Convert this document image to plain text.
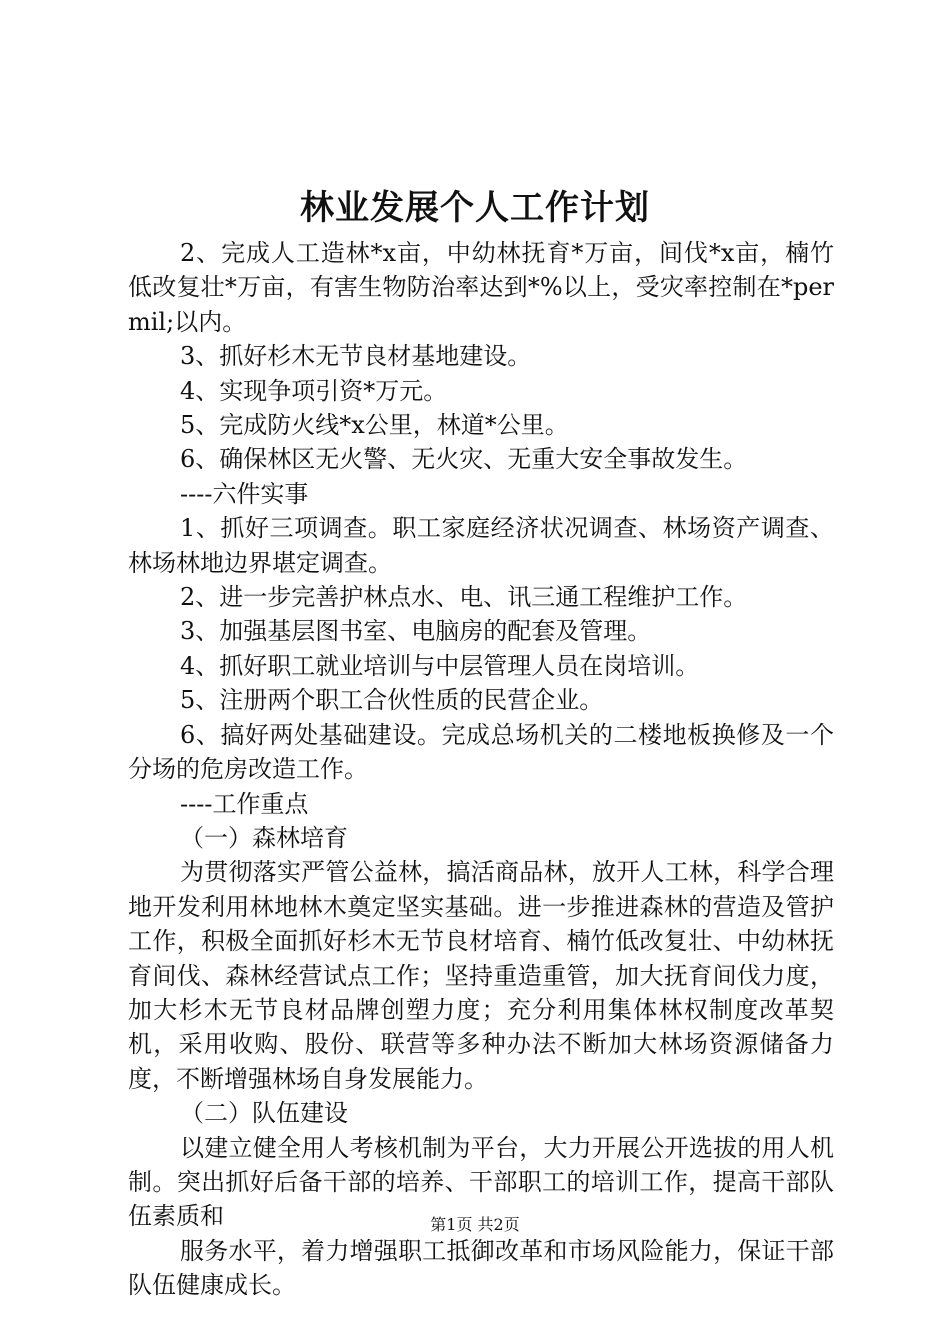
林业发展个人工作计划

2、完成人工造林*x亩，中幼林抚育*万亩，间伐*x亩，楠竹低改复壮*万亩，有害生物防治率达到*%以上，受灾率控制在*permil;以内。

3、抓好杉木无节良材基地建设。

4、实现争项引资*万元。

5、完成防火线*x公里，林道*公里。

6、确保林区无火警、无火灾、无重大安全事故发生。

----六件实事

1、抓好三项调查。职工家庭经济状况调查、林场资产调查、林场林地边界堪定调查。

2、进一步完善护林点水、电、讯三通工程维护工作。

3、加强基层图书室、电脑房的配套及管理。

4、抓好职工就业培训与中层管理人员在岗培训。

5、注册两个职工合伙性质的民营企业。

6、搞好两处基础建设。完成总场机关的二楼地板换修及一个分场的危房改造工作。

----工作重点

（一）森林培育

为贯彻落实严管公益林，搞活商品林，放开人工林，科学合理地开发利用林地林木奠定坚实基础。进一步推进森林的营造及管护工作，积极全面抓好杉木无节良材培育、楠竹低改复壮、中幼林抚育间伐、森林经营试点工作；坚持重造重管，加大抚育间伐力度，加大杉木无节良材品牌创塑力度；充分利用集体林权制度改革契机，采用收购、股份、联营等多种办法不断加大林场资源储备力度，不断增强林场自身发展能力。

（二）队伍建设

以建立健全用人考核机制为平台，大力开展公开选拔的用人机制。突出抓好后备干部的培养、干部职工的培训工作，提高干部队伍素质和

服务水平，着力增强职工抵御改革和市场风险能力，保证干部队伍健康成长。

第1页 共2页
